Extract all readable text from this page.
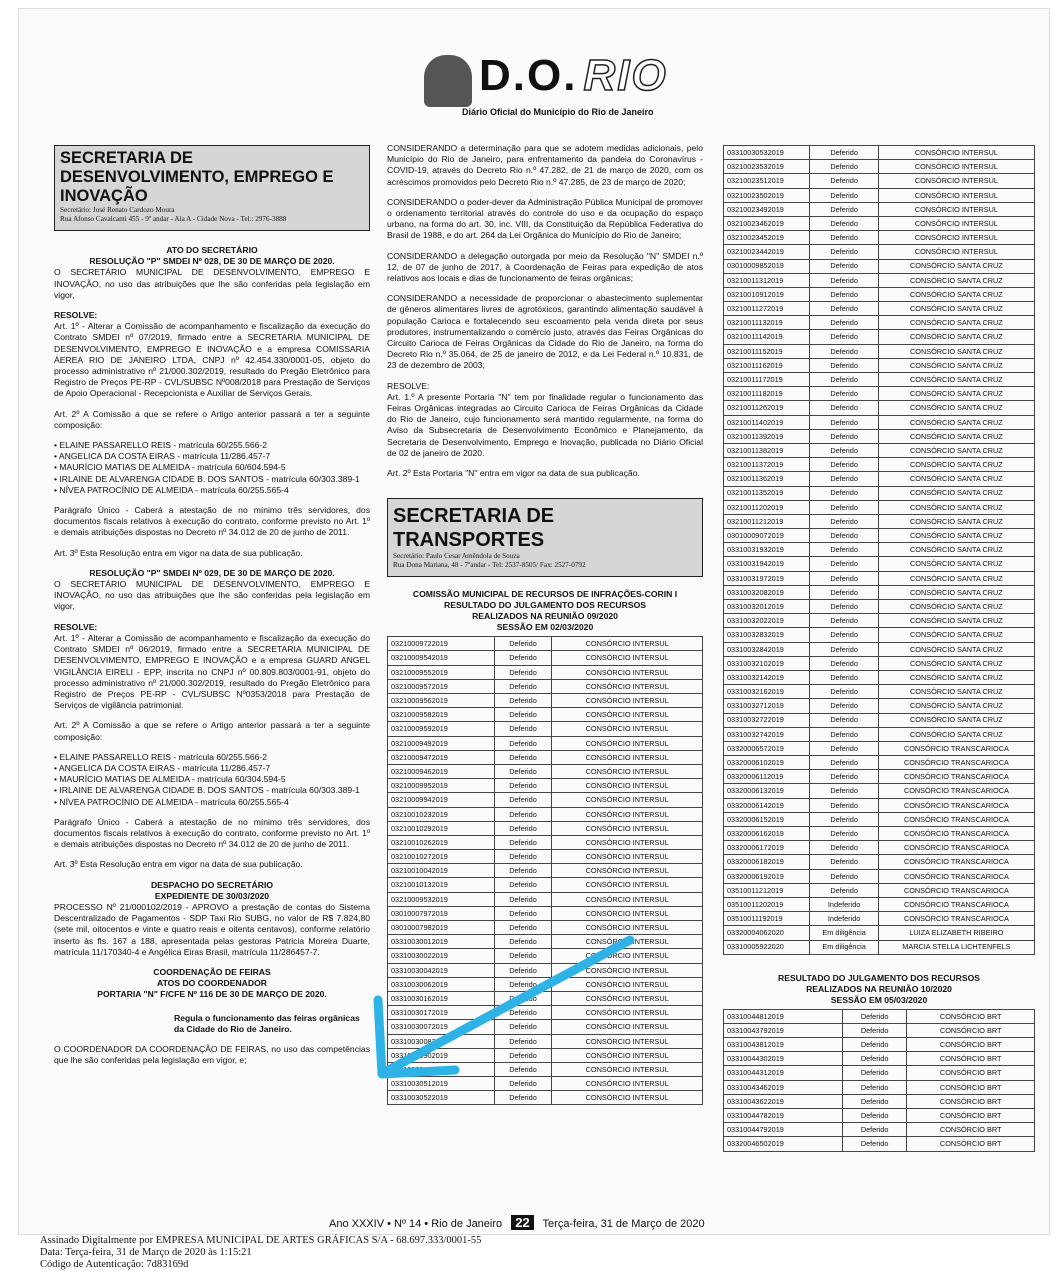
D.O. RIO
Diário Oficial do Município do Rio de Janeiro
SECRETARIA DE DESENVOLVIMENTO, EMPREGO E INOVAÇÃO
Secretário: José Renato Cardozo Moura
Rua Afonso Cavalcanti 455 - 9º andar - Ala A - Cidade Nova - Tel.: 2976-3888

ATO DO SECRETÁRIO

RESOLUÇÃO "P" SMDEI Nº 028, DE 30 DE MARÇO DE 2020.

O SECRETÁRIO MUNICIPAL DE DESENVOLVIMENTO, EMPREGO E INOVAÇÃO, no uso das atribuições que lhe são conferidas pela legislação em vigor,

RESOLVE:

Art. 1º - Alterar a Comissão de acompanhamento e fiscalização da execução do Contrato SMDEI nº 07/2019, firmado entre a SECRETARIA MUNICIPAL DE DESENVOLVIMENTO, EMPREGO E INOVAÇÃO e a empresa COMISSARIA ÁEREA RIO DE JANEIRO LTDA, CNPJ nº 42.454.330/0001-05, objeto do processo administrativo nº 21/000.302/2019, resultado do Pregão Eletrônico para Registro de Preços PE-RP - CVL/SUBSC Nº008/2018 para Prestação de Serviços de Apoio Operacional - Recepcionista e Auxiliar de Serviços Gerais.

Art. 2º A Comissão a que se refere o Artigo anterior passará a ter a seguinte composição:

• ELAINE PASSARELLO REIS - matrícula 60/255.566-2
• ANGELICA DA COSTA EIRAS - matrícula 11/286.457-7
• MAURÍCIO MATIAS DE ALMEIDA - matrícula 60/604.594-5
• IRLAINE DE ALVARENGA CIDADE B. DOS SANTOS - matrícula 60/303.389-1
• NÍVEA PATROCÍNIO DE ALMEIDA - matrícula 60/255.565-4

Parágrafo Único - Caberá a atestação de no mínimo três servidores, dos documentos fiscais relativos à execução do contrato, conforme previsto no Art. 1º e demais atribuições dispostas no Decreto nº 34.012 de 20 de junho de 2011.

Art. 3º Esta Resolução entra em vigor na data de sua publicação.

RESOLUÇÃO "P" SMDEI Nº 029, DE 30 DE MARÇO DE 2020.

O SECRETÁRIO MUNICIPAL DE DESENVOLVIMENTO, EMPREGO E INOVAÇÃO, no uso das atribuições que lhe são conferidas pela legislação em vigor,

RESOLVE:

Art. 1º - Alterar a Comissão de acompanhamento e fiscalização da execução do Contrato SMDEI nº 06/2019, firmado entre a SECRETARIA MUNICIPAL DE DESENVOLVIMENTO, EMPREGO E INOVAÇÃO e a empresa GUARD ANGEL VIGILÂNCIA EIRELI - EPP, inscrita no CNPJ nº 00.809.803/0001-91, objeto do processo administrativo nº 21/000.302/2019, resultado do Pregão Eletrônico para Registro de Preços PE-RP - CVL/SUBSC Nº0353/2018 para Prestação de Serviços de vigilância patrimonial.

Art. 2º A Comissão a que se refere o Artigo anterior passará a ter a seguinte composição:

• ELAINE PASSARELLO REIS - matrícula 60/255.566-2
• ANGELICA DA COSTA EIRAS - matrícula 11/286.457-7
• MAURÍCIO MATIAS DE ALMEIDA - matrícula 60/304.594-5
• IRLAINE DE ALVARENGA CIDADE B. DOS SANTOS - matrícula 60/303.389-1
• NÍVEA PATROCÍNIO DE ALMEIDA - matrícula 60/255.565-4

Parágrafo Único - Caberá a atestação de no mínimo três servidores, dos documentos fiscais relativos à execução do contrato, conforme previsto no Art. 1º e demais atribuições dispostas no Decreto nº 34.012 de 20 de junho de 2011.

Art. 3º Esta Resolução entra em vigor na data de sua publicação.

DESPACHO DO SECRETÁRIO

EXPEDIENTE DE 30/03/2020

PROCESSO Nº 21/000102/2019 - APROVO a prestação de contas do Sistema Descentralizado de Pagamentos - SDP Taxi Rio SUBG, no valor de R$ 7.824,80 (sete mil, oitocentos e vinte e quatro reais e oitenta centavos), conforme relatório inserto às fls. 167 a 188, apresentada pelas gestoras Patricia Moreira Duarte, matrícula 11/170340-4 e Angélica Eiras Brasil, matrícula 11/286457-7.

COORDENAÇÃO DE FEIRAS

ATOS DO COORDENADOR

PORTARIA "N" F/CFE Nº 116 DE 30 DE MARÇO DE 2020.

Regula o funcionamento das feiras orgânicas da Cidade do Rio de Janeiro.

O COORDENADOR DA COORDENAÇÃO DE FEIRAS, no uso das competências que lhe são conferidas pela legislação em vigor, e;

CONSIDERANDO a determinação para que se adotem medidas adicionais, pelo Município do Rio de Janeiro, para enfrentamento da pandeia do Coronavírus - COVID-19, através do Decreto Rio n.º 47.282, de 21 de março de 2020, com os acréscimos promovidos pelo Decreto Rio n.º 47.285, de 23 de março de 2020;

CONSIDERANDO o poder-dever da Administração Pública Municipal de promover o ordenamento territorial através do controle do uso e da ocupação do espaço urbano, na forma do art. 30, inc. VIII, da Constituição da República Federativa do Brasil de 1988, e do art. 264 da Lei Orgânica do Município do Rio de Janeiro;

CONSIDERANDO a delegação outorgada por meio da Resolução "N" SMDEI n.º 12, de 07 de junho de 2017, à Coordenação de Feiras para expedição de atos relativos aos locais e dias de funcionamento de feiras orgânicas;

CONSIDERANDO a necessidade de proporcionar o abastecimento suplementar de gêneros alimentares livres de agrotóxicos, garantindo alimentação saudável à população Carioca e fortalecendo seu escoamento pela venda direta por seus produtores, instrumentalizando o comércio justo, através das Feiras Orgânicas do Circuito Carioca de Feiras Orgânicas da Cidade do Rio de Janeiro, na forma do Decreto Rio n.º 35.064, de 25 de janeiro de 2012, e da Lei Federal n.º 10.831, de 23 de dezembro de 2003;

RESOLVE:

Art. 1.º A presente Portaria "N" tem por finalidade regular o funcionamento das Feiras Orgânicas integradas ao Circuito Carioca de Feiras Orgânicas da Cidade do Rio de Janeiro, cujo funcionamento será mantido regularmente, na forma do Aviso da Subsecretaria de Desenvolvimento Econômico e Planejamento, da Secretaria de Desenvolvimento, Emprego e Inovação, publicada no Diário Oficial de 02 de janeiro de 2020.

Art. 2º Esta Portaria "N" entra em vigor na data de sua publicação.

SECRETARIA DE TRANSPORTES
Secretário: Paulo Cesar Amêndola de Souza
Rua Dona Mariana, 48 - 7ºandar - Tel: 2537-8505/ Fax: 2527-0792

COMISSÃO MUNICIPAL DE RECURSOS DE INFRAÇÕES-CORIN I

RESULTADO DO JULGAMENTO DOS RECURSOS REALIZADOS NA REUNIÃO 09/2020

SESSÃO EM 02/03/2020

03210009722019	Deferido	CONSÓRCIO INTERSUL
03210009542019	Deferido	CONSÓRCIO INTERSUL
03210009552019	Deferido	CONSÓRCIO INTERSUL
03210009572019	Deferido	CONSÓRCIO INTERSUL
03210009562019	Deferido	CONSÓRCIO INTERSUL
03210009582019	Deferido	CONSÓRCIO INTERSUL
03210009592019	Deferido	CONSÓRCIO INTERSUL
03210009492019	Deferido	CONSÓRCIO INTERSUL
03210009472019	Deferido	CONSÓRCIO INTERSUL
03210009462019	Deferido	CONSÓRCIO INTERSUL
03210009952019	Deferido	CONSÓRCIO INTERSUL
03210009942019	Deferido	CONSÓRCIO INTERSUL
03210010232019	Deferido	CONSÓRCIO INTERSUL
03210010292019	Deferido	CONSÓRCIO INTERSUL
03210010262019	Deferido	CONSÓRCIO INTERSUL
03210010272019	Deferido	CONSÓRCIO INTERSUL
03210010042019	Deferido	CONSÓRCIO INTERSUL
03210010132019	Deferido	CONSÓRCIO INTERSUL
03210009532019	Deferido	CONSÓRCIO INTERSUL
03010007972019	Deferido	CONSÓRCIO INTERSUL
03010007982019	Deferido	CONSÓRCIO INTERSUL
03310030012019	Deferido	CONSÓRCIO INTERSUL
03310030022019	Deferido	CONSÓRCIO INTERSUL
03310030042019	Deferido	CONSÓRCIO INTERSUL
03310030062019	Deferido	CONSÓRCIO INTERSUL
03310030162019	Deferido	CONSÓRCIO INTERSUL
03310030172019	Deferido	CONSÓRCIO INTERSUL
03310030072019	Deferido	CONSÓRCIO INTERSUL
03310030082019	Deferido	CONSÓRCIO INTERSUL
03310030902019	Deferido	CONSÓRCIO INTERSUL
03310030442019	Deferido	CONSÓRCIO INTERSUL
03310030512019	Deferido	CONSÓRCIO INTERSUL
03310030522019	Deferido	CONSÓRCIO INTERSUL
03310030532019	Deferido	CONSÓRCIO INTERSUL
03210023532019	Deferido	CONSÓRCIO INTERSUL
03210023512019	Deferido	CONSÓRCIO INTERSUL
03210023502019	Deferido	CONSÓRCIO INTERSUL
03210023492019	Deferido	CONSÓRCIO INTERSUL
03210023462019	Deferido	CONSÓRCIO INTERSUL
03210023452019	Deferido	CONSÓRCIO INTERSUL
03210023442019	Deferido	CONSÓRCIO INTERSUL
03010009852019	Deferido	CONSÓRCIO SANTA CRUZ
03210011312019	Deferido	CONSÓRCIO SANTA CRUZ
03210010912019	Deferido	CONSÓRCIO SANTA CRUZ
03210011272019	Deferido	CONSÓRCIO SANTA CRUZ
03210011132019	Deferido	CONSÓRCIO SANTA CRUZ
03210011142019	Deferido	CONSÓRCIO SANTA CRUZ
03210011152019	Deferido	CONSÓRCIO SANTA CRUZ
03210011162019	Deferido	CONSÓRCIO SANTA CRUZ
03210011172019	Deferido	CONSÓRCIO SANTA CRUZ
03210011182019	Deferido	CONSÓRCIO SANTA CRUZ
03210011262019	Deferido	CONSÓRCIO SANTA CRUZ
03210011402019	Deferido	CONSÓRCIO SANTA CRUZ
03210011392019	Deferido	CONSÓRCIO SANTA CRUZ
03210011382019	Deferido	CONSÓRCIO SANTA CRUZ
03210011372019	Deferido	CONSÓRCIO SANTA CRUZ
03210011362019	Deferido	CONSÓRCIO SANTA CRUZ
03210011352019	Deferido	CONSÓRCIO SANTA CRUZ
03210011202019	Deferido	CONSÓRCIO SANTA CRUZ
03210011212019	Deferido	CONSÓRCIO SANTA CRUZ
03010009072019	Deferido	CONSÓRCIO SANTA CRUZ
03310031932019	Deferido	CONSÓRCIO SANTA CRUZ
03310031942019	Deferido	CONSÓRCIO SANTA CRUZ
03310031972019	Deferido	CONSÓRCIO SANTA CRUZ
03310032082019	Deferido	CONSÓRCIO SANTA CRUZ
03310032012019	Deferido	CONSÓRCIO SANTA CRUZ
03310032022019	Deferido	CONSÓRCIO SANTA CRUZ
03310032832019	Deferido	CONSÓRCIO SANTA CRUZ
03310032842019	Deferido	CONSÓRCIO SANTA CRUZ
03310032102019	Deferido	CONSÓRCIO SANTA CRUZ
03310032142019	Deferido	CONSÓRCIO SANTA CRUZ
03310032162019	Deferido	CONSÓRCIO SANTA CRUZ
03310032712019	Deferido	CONSÓRCIO SANTA CRUZ
03310032722019	Deferido	CONSÓRCIO SANTA CRUZ
03310032742019	Deferido	CONSÓRCIO SANTA CRUZ
03320006572019	Deferido	CONSÓRCIO TRANSCARIOCA
03320006102019	Deferido	CONSÓRCIO TRANSCARIOCA
03320006112019	Deferido	CONSÓRCIO TRANSCARIOCA
03320006132019	Deferido	CONSÓRCIO TRANSCARIOCA
03320006142019	Deferido	CONSÓRCIO TRANSCARIOCA
03320006152019	Deferido	CONSÓRCIO TRANSCARIOCA
03320006162019	Deferido	CONSÓRCIO TRANSCARIOCA
03320006172019	Deferido	CONSÓRCIO TRANSCARIOCA
03320006182019	Deferido	CONSÓRCIO TRANSCARIOCA
03320006192019	Deferido	CONSÓRCIO TRANSCARIOCA
03510011212019	Deferido	CONSÓRCIO TRANSCARIOCA
03510011202019	Indeferido	CONSÓRCIO TRANSCARIOCA
03510011192019	Indeferido	CONSÓRCIO TRANSCARIOCA
03320004062020	Em diligência	LUIZA ELIZABETH RIBEIRO
03310005922020	Em diligência	MARCIA STELLA LICHTENFELS

RESULTADO DO JULGAMENTO DOS RECURSOS REALIZADOS NA REUNIÃO 10/2020

SESSÃO EM 05/03/2020

03310044812019	Deferido	CONSÓRCIO BRT
03310043792019	Deferido	CONSÓRCIO BRT
03310043812019	Deferido	CONSÓRCIO BRT
03310044302019	Deferido	CONSÓRCIO BRT
03310044312019	Deferido	CONSÓRCIO BRT
03310043462019	Deferido	CONSÓRCIO BRT
03310043622019	Deferido	CONSÓRCIO BRT
03310044782019	Deferido	CONSÓRCIO BRT
03310044792019	Deferido	CONSÓRCIO BRT
03320046502019	Deferido	CONSÓRCIO BRT
Ano XXXIV • Nº 14 • Rio de Janeiro 22 Terça-feira, 31 de Março de 2020
Assinado Digitalmente por EMPRESA MUNICIPAL DE ARTES GRÁFICAS S/A - 68.697.333/0001-55
Data: Terça-feira, 31 de Março de 2020 às 1:15:21
Código de Autenticação: 7d83169d
